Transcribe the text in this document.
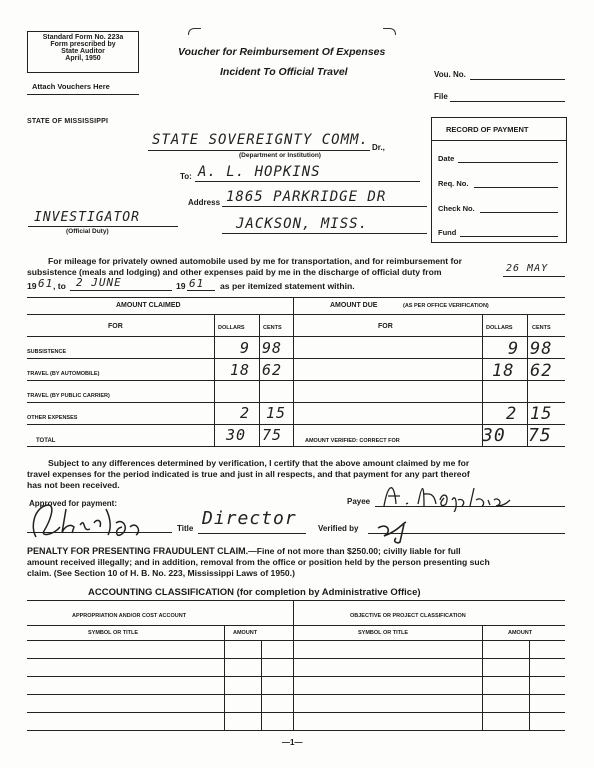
Standard Form No. 223a
Form prescribed by
State Auditor
April, 1950
Attach Vouchers Here
Voucher for Reimbursement Of Expenses
Incident To Official Travel	Vou. No.
File
STATE OF MISSISSIPPI
STATE SOVEREIGNTY COMM. Dr.,
(Department or Institution)
To: A. L. HOPKINS
Address 1865 PARKRIDGE DR
JACKSON, MISS.
INVESTIGATOR
(Official Duty)
RECORD OF PAYMENT
Date
Req. No.
Check No.
Fund
For mileage for privately owned automobile used by me for transportation, and for reimbursement for
subsistence (meals and lodging) and other expenses paid by me in the discharge of official duty from	26 MAY
19 61 , to 2 JUNE	19 61 as per itemized statement within.
AMOUNT CLAIMED	AMOUNT DUE	(AS PER OFFICE VERIFICATION)
FOR	DOLLARS	CENTS	FOR	DOLLARS	CENTS
SUBSISTENCE	9 98	9 98
TRAVEL (BY AUTOMOBILE)	18 62	18 62
TRAVEL (BY PUBLIC CARRIER)
OTHER EXPENSES	2 15	2 15
TOTAL	30 75	AMOUNT VERIFIED: CORRECT FOR	30 75
Subject to any differences determined by verification, I certify that the above amount claimed by me for
travel expenses for the period indicated is true and just in all respects, and that payment for any part thereof
has not been received.
Payee
Approved for payment:
Title Director	Verified by
PENALTY FOR PRESENTING FRAUDULENT CLAIM.—Fine of not more than $250.00; civilly liable for full
amount received illegally; and in addition, removal from the office or position held by the person presenting such
claim. (See Section 10 of H. B. No. 223, Mississippi Laws of 1950.)
ACCOUNTING CLASSIFICATION (for completion by Administrative Office)
APPROPRIATION AND/OR COST ACCOUNT	OBJECTIVE OR PROJECT CLASSIFICATION
SYMBOL OR TITLE	AMOUNT	SYMBOL OR TITLE	AMOUNT
—1—
